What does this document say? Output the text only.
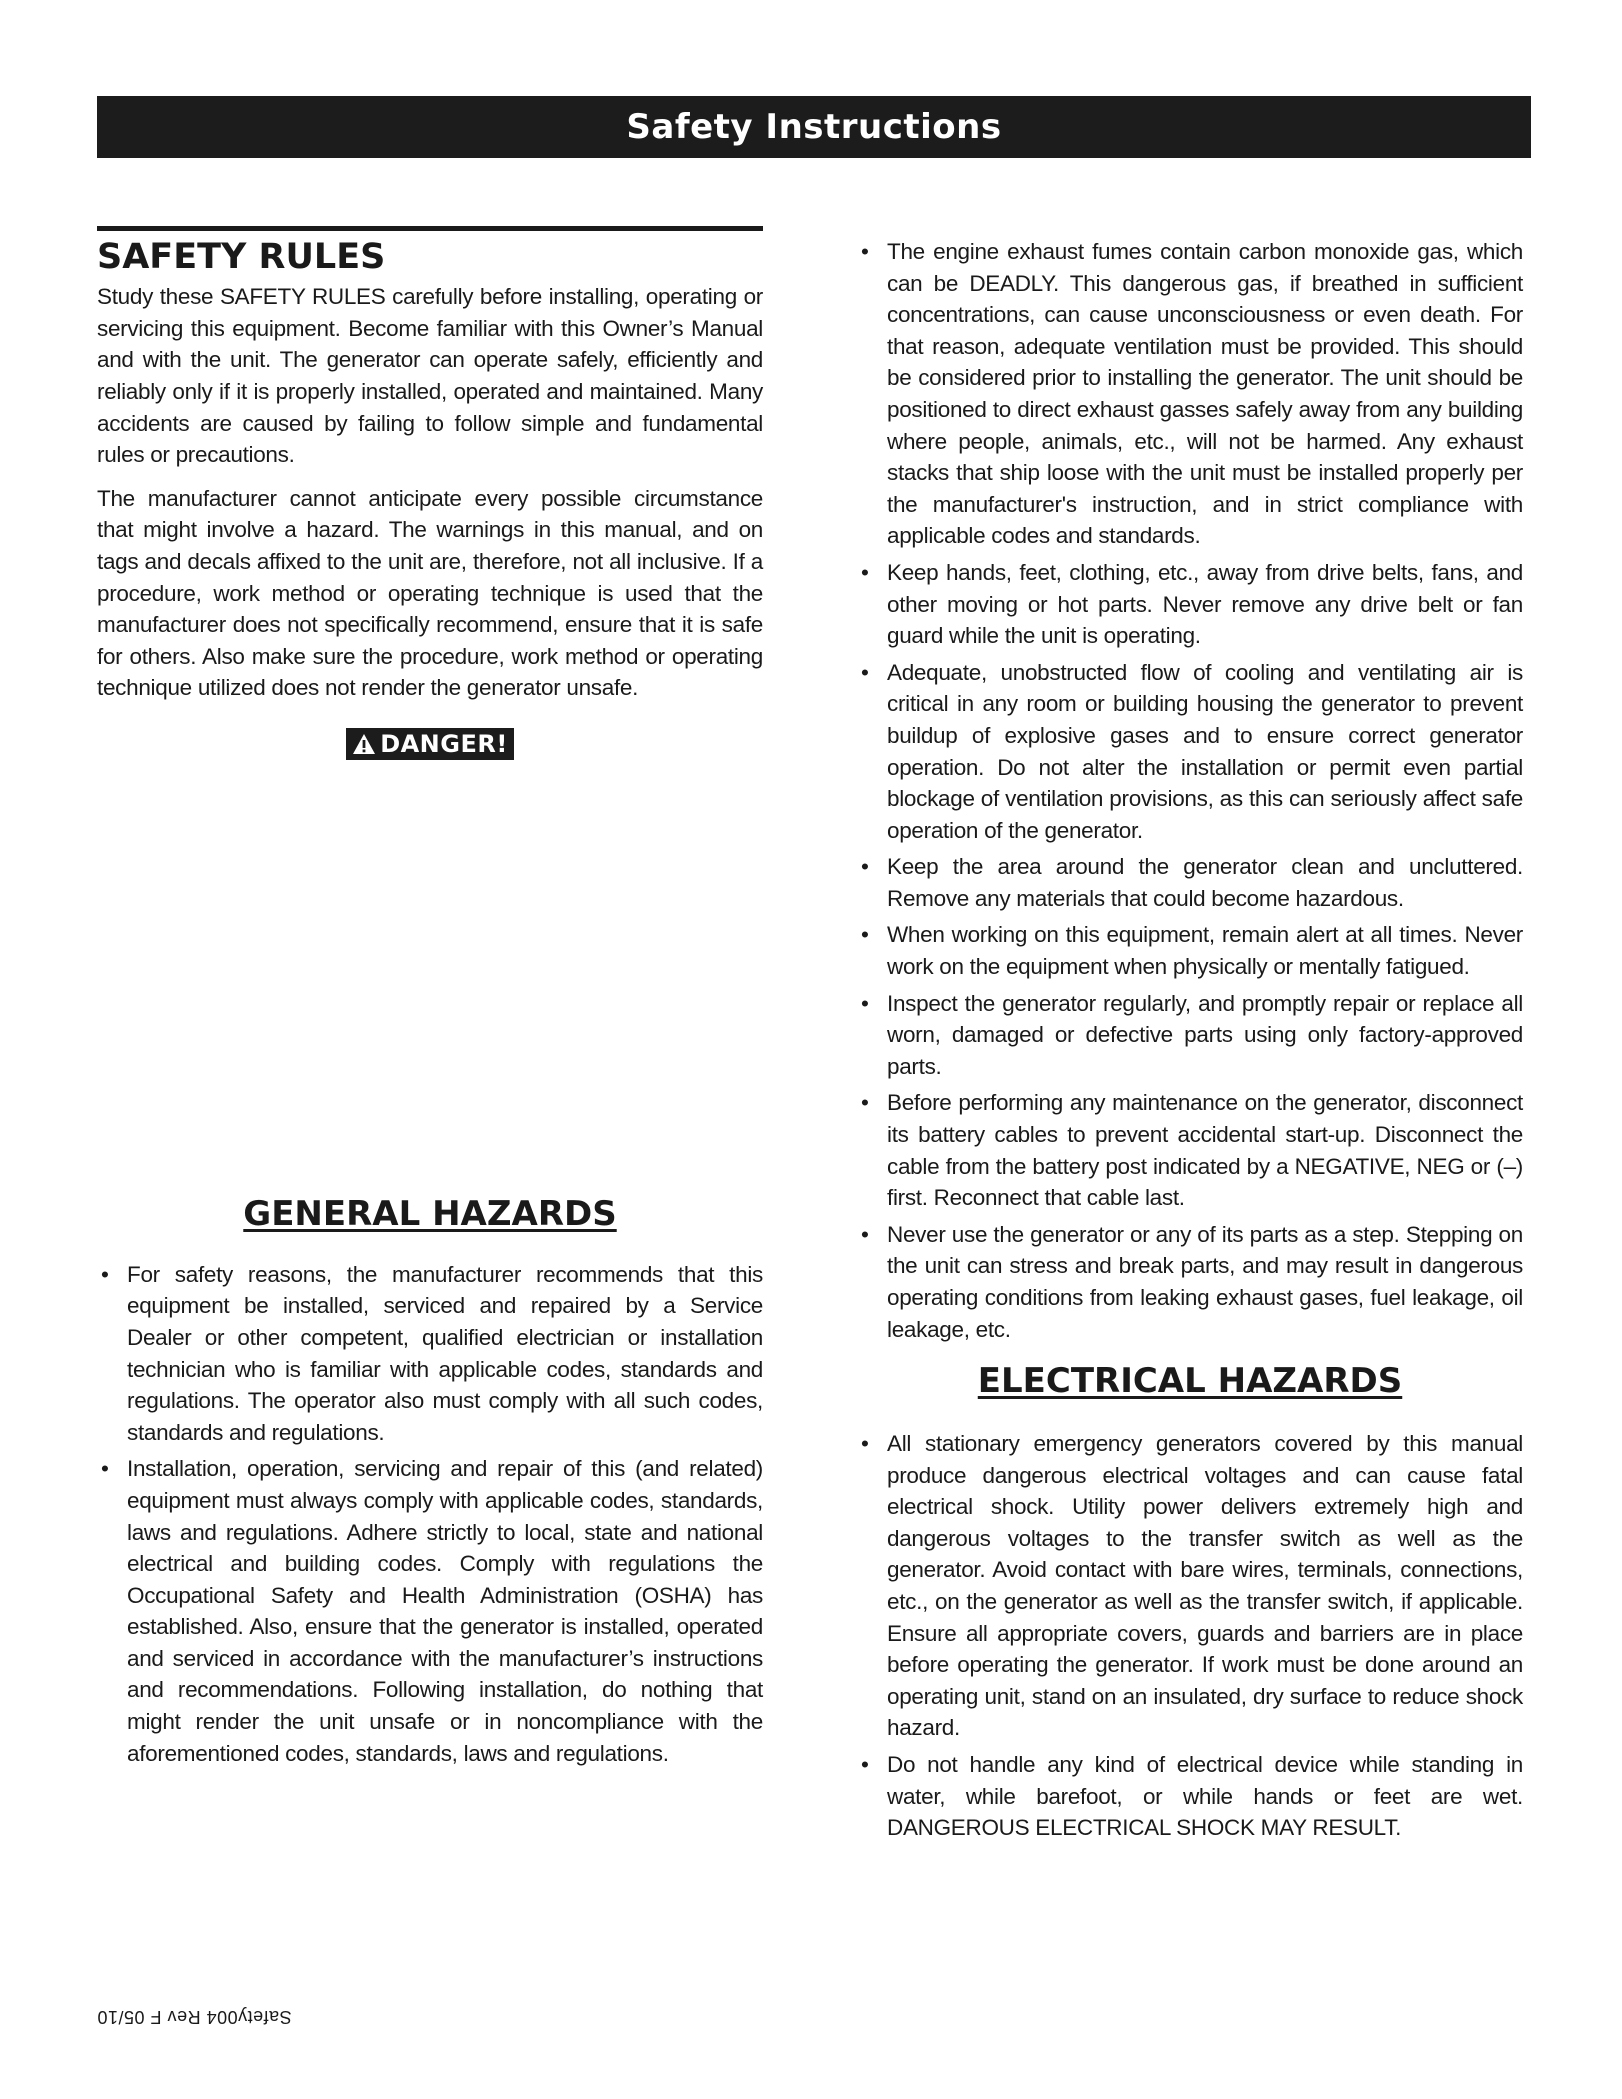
Safety Instructions
SAFETY RULES

Study these SAFETY RULES carefully before installing, operating or servicing this equipment. Become familiar with this Owner’s Manual and with the unit. The generator can operate safely, efficiently and reliably only if it is properly installed, operated and maintained. Many accidents are caused by failing to follow simple and fundamental rules or precautions.

The manufacturer cannot anticipate every possible circumstance that might involve a hazard. The warnings in this manual, and on tags and decals affixed to the unit are, therefore, not all inclusive. If a procedure, work method or operating technique is used that the manufacturer does not specifically recommend, ensure that it is safe for others. Also make sure the procedure, work method or operating technique utilized does not render the generator unsafe.

DANGER!
GENERAL HAZARDS
• For safety reasons, the manufacturer recommends that this equipment be installed, serviced and repaired by a Service Dealer or other competent, qualified electrician or installation technician who is familiar with applicable codes, standards and regulations. The operator also must comply with all such codes, standards and regulations.
• Installation, operation, servicing and repair of this (and related) equipment must always comply with applicable codes, standards, laws and regulations. Adhere strictly to local, state and national electrical and building codes. Comply with regulations the Occupational Safety and Health Administration (OSHA) has established. Also, ensure that the generator is installed, operated and serviced in accordance with the manufacturer’s instructions and recommendations. Following installation, do nothing that might render the unit unsafe or in noncompliance with the aforementioned codes, standards, laws and regulations.
• The engine exhaust fumes contain carbon monoxide gas, which can be DEADLY. This dangerous gas, if breathed in sufficient concentrations, can cause unconsciousness or even death. For that reason, adequate ventilation must be provided. This should be considered prior to installing the generator. The unit should be positioned to direct exhaust gasses safely away from any building where people, animals, etc., will not be harmed. Any exhaust stacks that ship loose with the unit must be installed properly per the manufacturer's instruction, and in strict compliance with applicable codes and standards.
• Keep hands, feet, clothing, etc., away from drive belts, fans, and other moving or hot parts. Never remove any drive belt or fan guard while the unit is operating.
• Adequate, unobstructed flow of cooling and ventilating air is critical in any room or building housing the generator to prevent buildup of explosive gases and to ensure correct generator operation. Do not alter the installation or permit even partial blockage of ventilation provisions, as this can seriously affect safe operation of the generator.
• Keep the area around the generator clean and uncluttered. Remove any materials that could become hazardous.
• When working on this equipment, remain alert at all times. Never work on the equipment when physically or mentally fatigued.
• Inspect the generator regularly, and promptly repair or replace all worn, damaged or defective parts using only factory-approved parts.
• Before performing any maintenance on the generator, disconnect its battery cables to prevent accidental start-up. Disconnect the cable from the battery post indicated by a NEGATIVE, NEG or (–) first. Reconnect that cable last.
• Never use the generator or any of its parts as a step. Stepping on the unit can stress and break parts, and may result in dangerous operating conditions from leaking exhaust gases, fuel leakage, oil leakage, etc.
ELECTRICAL HAZARDS
• All stationary emergency generators covered by this manual produce dangerous electrical voltages and can cause fatal electrical shock. Utility power delivers extremely high and dangerous voltages to the transfer switch as well as the generator. Avoid contact with bare wires, terminals, connections, etc., on the generator as well as the transfer switch, if applicable. Ensure all appropriate covers, guards and barriers are in place before operating the generator. If work must be done around an operating unit, stand on an insulated, dry surface to reduce shock hazard.
• Do not handle any kind of electrical device while standing in water, while barefoot, or while hands or feet are wet. DANGEROUS ELECTRICAL SHOCK MAY RESULT.
Safety004 Rev F 05/10
